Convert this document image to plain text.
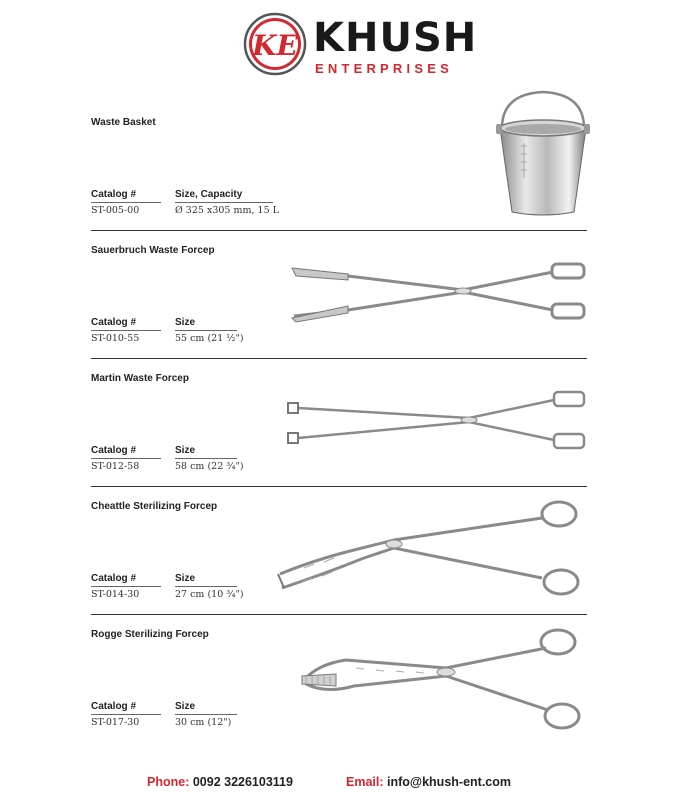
KE KHUSH
ENTERPRISES
Waste Basket
Catalog #	Size, Capacity
ST-005-00	Ø 325 x305 mm, 15 L
Sauerbruch Waste Forcep
Catalog #	Size
ST-010-55	55 cm (21 ½")
Martin Waste Forcep
Catalog #	Size
ST-012-58	58 cm (22 ¾")
Cheattle Sterilizing Forcep
Catalog #	Size
ST-014-30	27 cm (10 ¾")
Rogge Sterilizing Forcep
Catalog #	Size
ST-017-30	30 cm (12")
Phone: 0092 3226103119	Email: info@khush-ent.com
